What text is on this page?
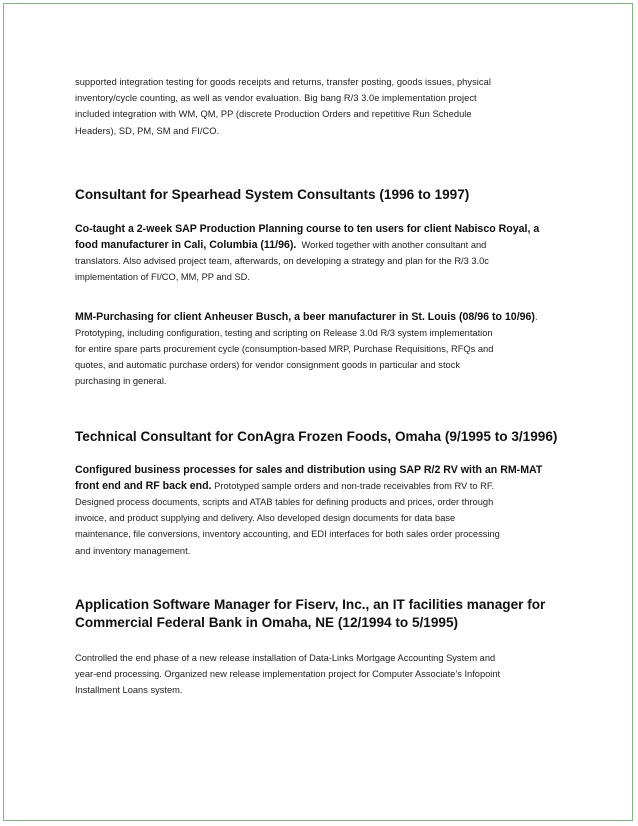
supported integration testing for goods receipts and returns, transfer posting, goods issues, physical

inventory/cycle counting, as well as vendor evaluation. Big bang R/3 3.0e implementation project

included integration with WM, QM, PP (discrete Production Orders and repetitive Run Schedule

Headers), SD, PM, SM and FI/CO.

Consultant for Spearhead System Consultants (1996 to 1997)

Co-taught a 2-week SAP Production Planning course to ten users for client Nabisco Royal, a

food manufacturer in Cali, Columbia (11/96).  Worked together with another consultant and

translators. Also advised project team, afterwards, on developing a strategy and plan for the R/3 3.0c

implementation of FI/CO, MM, PP and SD.

MM-Purchasing for client Anheuser Busch, a beer manufacturer in St. Louis (08/96 to 10/96).

Prototyping, including configuration, testing and scripting on Release 3.0d R/3 system implementation

for entire spare parts procurement cycle (consumption-based MRP, Purchase Requisitions, RFQs and

quotes, and automatic purchase orders) for vendor consignment goods in particular and stock

purchasing in general.

Technical Consultant for ConAgra Frozen Foods, Omaha (9/1995 to 3/1996)

Configured business processes for sales and distribution using SAP R/2 RV with an RM-MAT

front end and RF back end. Prototyped sample orders and non-trade receivables from RV to RF.

Designed process documents, scripts and ATAB tables for defining products and prices, order through

invoice, and product supplying and delivery. Also developed design documents for data base

maintenance, file conversions, inventory accounting, and EDI interfaces for both sales order processing

and inventory management.

Application Software Manager for Fiserv, Inc., an IT facilities manager for
Commercial Federal Bank in Omaha, NE (12/1994 to 5/1995)

Controlled the end phase of a new release installation of Data-Links Mortgage Accounting System and

year-end processing. Organized new release implementation project for Computer Associate’s Infopoint

Installment Loans system.
